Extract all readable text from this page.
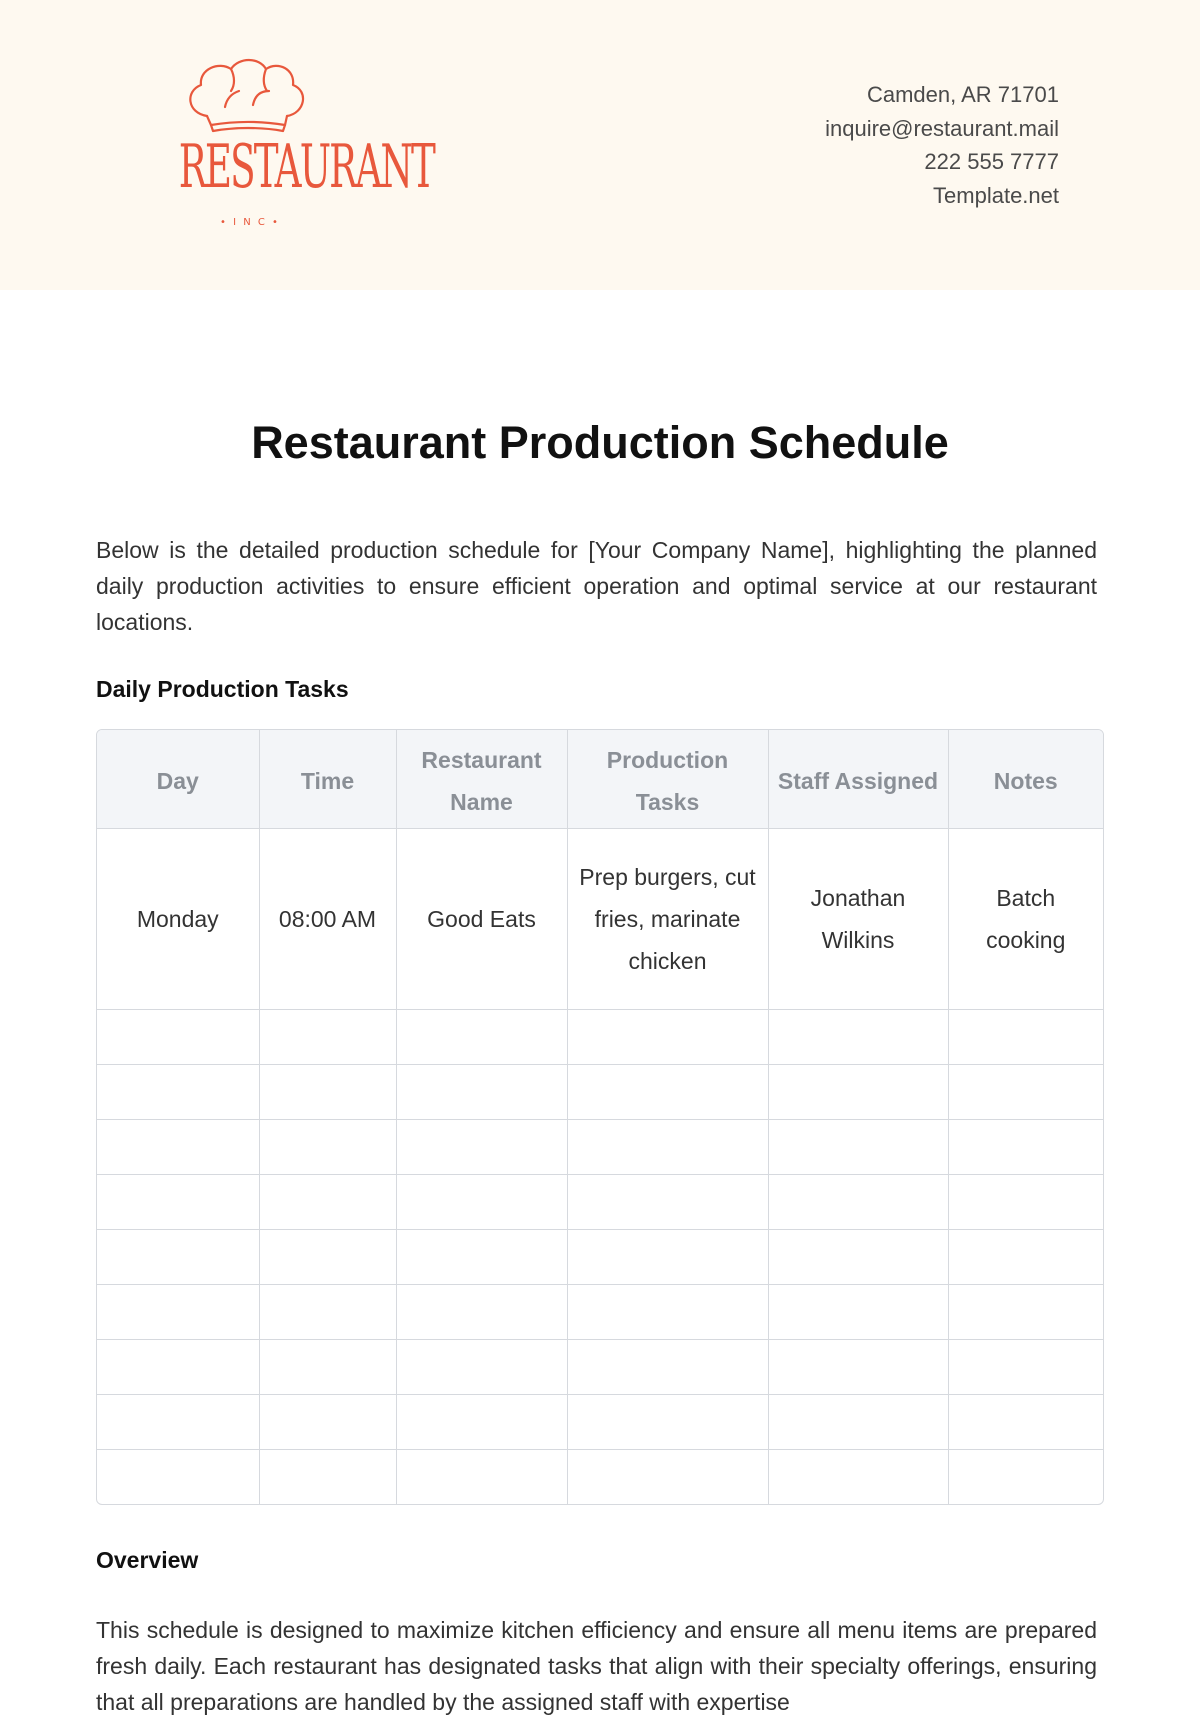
RESTAURANT
• I N C •
Camden, AR 71701
inquire@restaurant.mail
222 555 7777
Template.net
Restaurant Production Schedule

Below is the detailed production schedule for [Your Company Name], highlighting the planned daily production activities to ensure efficient operation and optimal service at our restaurant locations.

Daily Production Tasks
Day	Time	Restaurant Name	Production Tasks	Staff Assigned	Notes
Monday	08:00 AM	Good Eats	Prep burgers, cut fries, marinate chicken	Jonathan Wilkins	Batch cooking

Overview

This schedule is designed to maximize kitchen efficiency and ensure all menu items are prepared fresh daily. Each restaurant has designated tasks that align with their specialty offerings, ensuring that all preparations are handled by the assigned staff with expertise
